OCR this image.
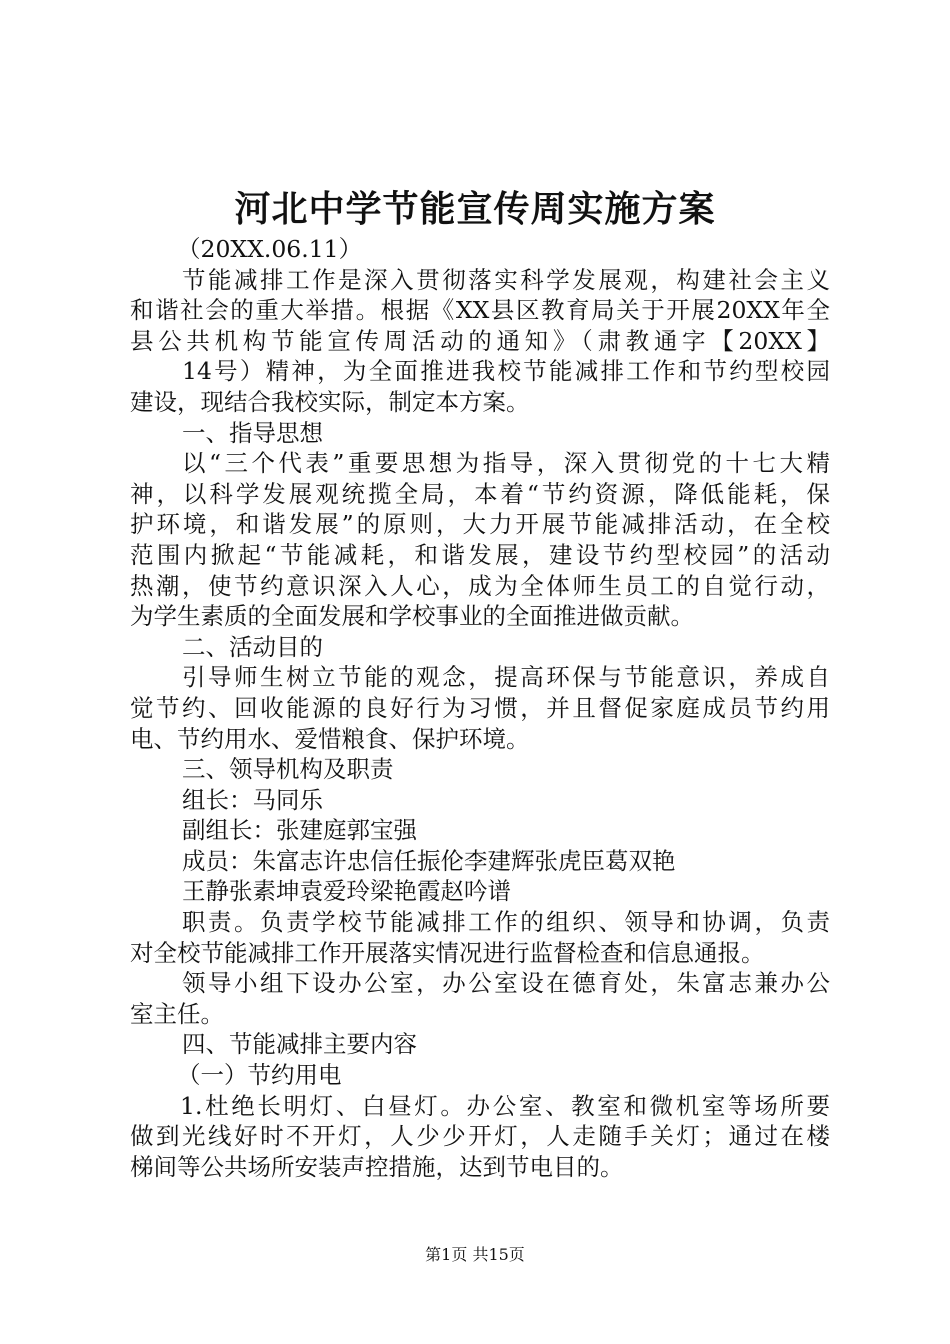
河北中学节能宣传周实施方案
（20XX.06.11）
节能减排工作是深入贯彻落实科学发展观，构建社会主义
和谐社会的重大举措。根据《XX县区教育局关于开展20XX年全
县公共机构节能宣传周活动的通知》（肃教通字【20XX】
14号）精神，为全面推进我校节能减排工作和节约型校园
建设，现结合我校实际，制定本方案。
一、指导思想
以“三个代表”重要思想为指导，深入贯彻党的十七大精
神，以科学发展观统揽全局，本着“节约资源，降低能耗，保
护环境，和谐发展”的原则，大力开展节能减排活动，在全校
范围内掀起“节能减耗，和谐发展，建设节约型校园”的活动
热潮，使节约意识深入人心，成为全体师生员工的自觉行动，
为学生素质的全面发展和学校事业的全面推进做贡献。
二、活动目的
引导师生树立节能的观念，提高环保与节能意识，养成自
觉节约、回收能源的良好行为习惯，并且督促家庭成员节约用
电、节约用水、爱惜粮食、保护环境。
三、领导机构及职责
组长：马同乐
副组长：张建庭郭宝强
成员：朱富志许忠信任振伦李建辉张虎臣葛双艳
王静张素坤袁爱玲梁艳霞赵吟谱
职责。负责学校节能减排工作的组织、领导和协调，负责
对全校节能减排工作开展落实情况进行监督检查和信息通报。
领导小组下设办公室，办公室设在德育处，朱富志兼办公
室主任。
四、节能减排主要内容
（一）节约用电
1.杜绝长明灯、白昼灯。办公室、教室和微机室等场所要
做到光线好时不开灯，人少少开灯，人走随手关灯；通过在楼
梯间等公共场所安装声控措施，达到节电目的。
第1页 共15页
